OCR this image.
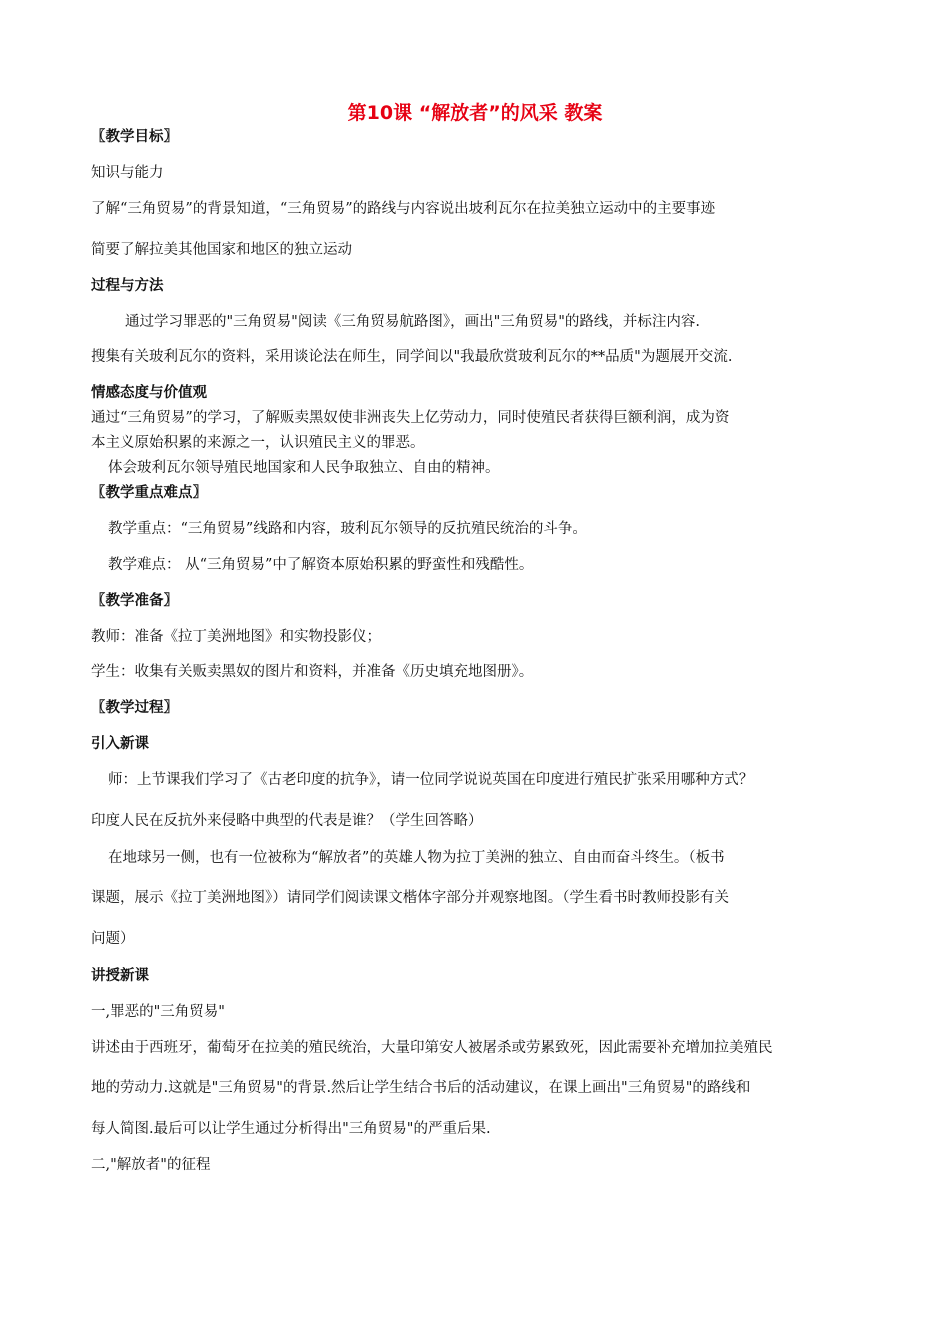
第10课 “解放者”的风采 教案
〖教学目标〗
知识与能力
了解“三角贸易”的背景知道，“三角贸易”的路线与内容说出坡利瓦尔在拉美独立运动中的主要事迹
简要了解拉美其他国家和地区的独立运动
过程与方法
通过学习罪恶的"三角贸易"阅读《三角贸易航路图》，画出"三角贸易"的路线，并标注内容.
搜集有关玻利瓦尔的资料，采用谈论法在师生，同学间以"我最欣赏玻利瓦尔的**品质"为题展开交流.
情感态度与价值观
通过“三角贸易”的学习，了解贩卖黑奴使非洲丧失上亿劳动力，同时使殖民者获得巨额利润，成为资
本主义原始积累的来源之一，认识殖民主义的罪恶。
体会玻利瓦尔领导殖民地国家和人民争取独立、自由的精神。
〖教学重点难点〗
教学重点：“三角贸易”线路和内容，玻利瓦尔领导的反抗殖民统治的斗争。
教学难点： 从“三角贸易”中了解资本原始积累的野蛮性和残酷性。
〖教学准备〗
教师：准备《拉丁美洲地图》和实物投影仪；
学生：收集有关贩卖黑奴的图片和资料，并准备《历史填充地图册》。
〖教学过程〗
引入新课
师：上节课我们学习了《古老印度的抗争》，请一位同学说说英国在印度进行殖民扩张采用哪种方式？
印度人民在反抗外来侵略中典型的代表是谁？（学生回答略）
在地球另一侧，也有一位被称为“解放者”的英雄人物为拉丁美洲的独立、自由而奋斗终生。（板书
课题，展示《拉丁美洲地图》）请同学们阅读课文楷体字部分并观察地图。（学生看书时教师投影有关
问题）
讲授新课
一,罪恶的"三角贸易"
讲述由于西班牙，葡萄牙在拉美的殖民统治，大量印第安人被屠杀或劳累致死，因此需要补充增加拉美殖民
地的劳动力.这就是"三角贸易"的背景.然后让学生结合书后的活动建议，在课上画出"三角贸易"的路线和
每人简图.最后可以让学生通过分析得出"三角贸易"的严重后果.
二,"解放者"的征程
